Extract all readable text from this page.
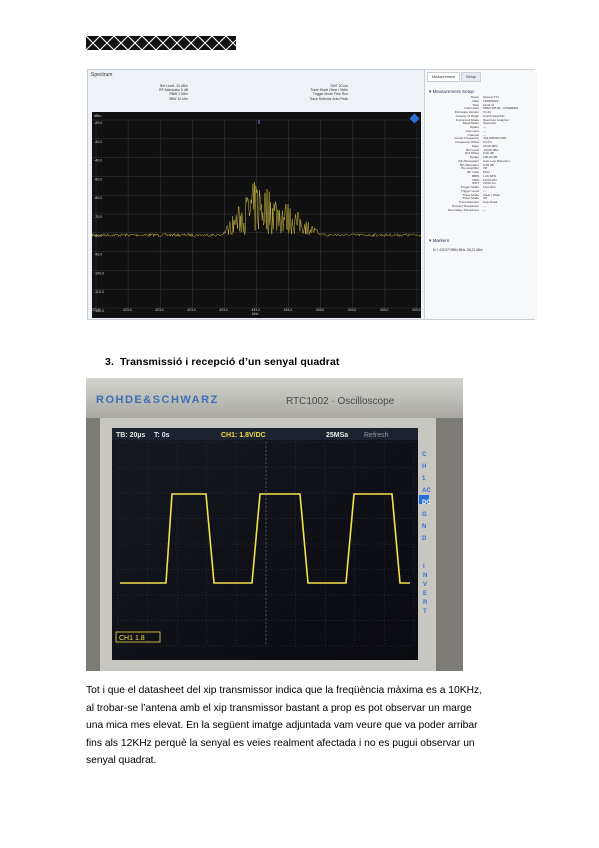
Spectrum
Ref Level -20 dBm
RF Attenuator 0 dB
RBW 1 MHz
VBW 10 kHz
SWT 20 ms
Trace Mode Clear / Write
Trigger Mode Free Run
Trace Detector Auto Peak
-20,0
-30,0
-40,0
-50,0
-60,0
-70,0
-80,0
-90,0
-100,0
-110,0
-120,0
23,0	423,0	423,0	423,0	423,0	433,0	433,0	433,0	433,0	433,0	433,0
dBm
MHz
Measurement	Setup
▾ Measurement Setup
Name	Sweep-TT1
Date	16/08/2023
Time	11:11:11
Instrument	SPECTRUM - 9XSERIES
Firmware Version	V1.41
Country of Origin	Czech Republic
Instrument Mode	Spectrum Analyzer
Meas Mode	Spectrum
Option	---
Comment	---
Channel	---
Center Frequency	433,000000 MHz
Frequency Offset	0,0 Hz
Span	20,00 MHz
Ref Level	-20,00 dBm
Ref Offset	0,00 dB
Range	100,00 dB
RF Attenuation	Auto Low Distortion
RF Attenuator	0,00 dB
Pre-Amplifier	Off
RF Input	50 Ω
RBW	1,00 MHz
VBW	10,00 kHz
SWT	20,00 ms
Trigger Mode	Free Run
Trigger Level	---
Trace Mode	Clear / Write
Trace Mode	Off
Trace Detector	Auto Peak
Primary Transducer	---
Secondary Transducer	---
▾ Markers
M 1 433,9719984 MHz -55,21 dBm
3. Transmissió i recepció d’un senyal quadrat
ROHDE&SCHWARZ	RTC1002 · Oscilloscope
TB: 20µs T: 0s	CH1: 1.8V/DC	25MSa Refresh
CH1 1.8
C
H
1
AC
DC
G
N
D
I
N
V
E
R
T
Tot i que el datasheet del xip transmissor indica que la freqüència màxima es a 10KHz,
al trobar-se l’antena amb el xip transmissor bastant a prop es pot observar un marge
una mica mes elevat. En la següent imatge adjuntada vam veure que va poder arribar
fins als 12KHz perquè la senyal es veies realment afectada i no es pugui observar un
senyal quadrat.
